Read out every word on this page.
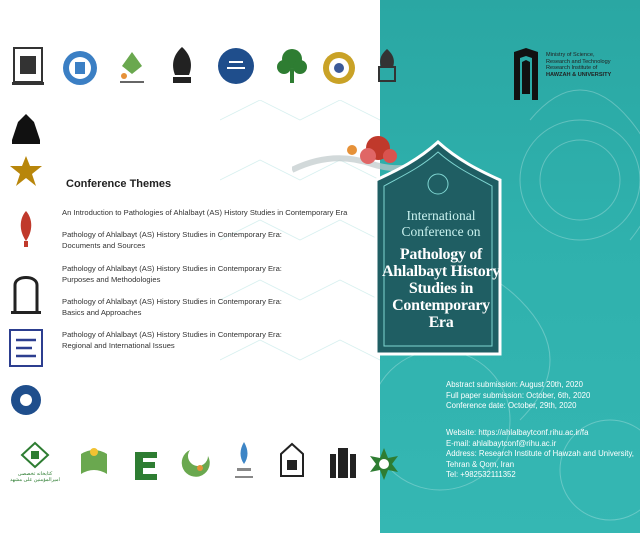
Conference Themes
An Introduction to Pathologies of Ahlalbayt (AS) History Studies in Contemporary Era
Pathology of Ahlalbayt (AS) History Studies in Contemporary Era:
Documents and Sources
Pathology of Ahlalbayt (AS) History Studies in Contemporary Era:
Purposes and Methodologies
Pathology of Ahlalbayt (AS) History Studies in Contemporary Era:
Basics and Approaches
Pathology of Ahlalbayt (AS) History Studies in Contemporary Era:
Regional and International Issues
Ministry of Science,
Research and Technology
Research Institute of
HAWZAH & UNIVERSITY
International
Conference on
Pathology of
Ahlalbayt History
Studies in
Contemporary
Era
Abstract submission: August 20th, 2020
Full paper submission: October, 6th, 2020
Conference date: October, 29th, 2020
Website: https://ahlalbaytconf.rihu.ac.ir/fa
E-mail: ahlalbaytconf@rihu.ac.ir
Address: Research Institute of Hawzah and University,
Tehran & Qom, Iran
Tel: +982532111352
کتابخانه تخصصی امیرالمؤمنین علی مشهد
